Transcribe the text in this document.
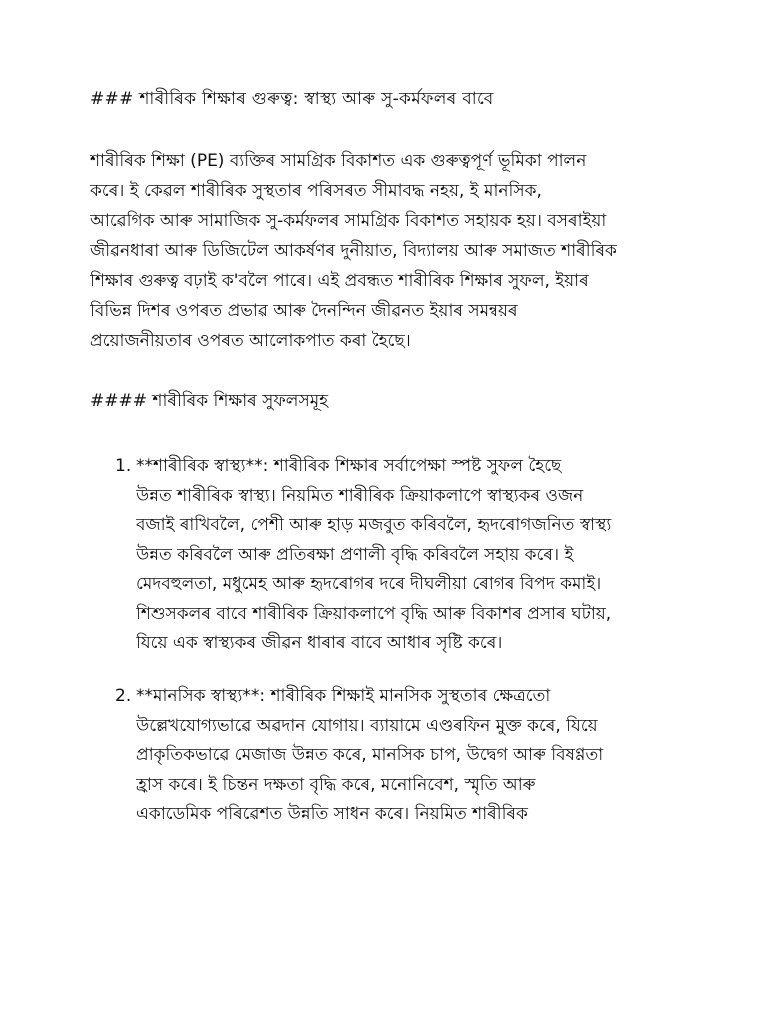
### শাৰীৰিক শিক্ষাৰ গুৰুত্ব: স্বাস্থ্য আৰু সু-কৰ্মফলৰ বাবে
শাৰীৰিক শিক্ষা (PE) ব্যক্তিৰ সামগ্ৰিক বিকাশত এক গুৰুত্বপূৰ্ণ ভূমিকা পালন
কৰে। ই কেৱল শাৰীৰিক সুস্থতাৰ পৰিসৰত সীমাবদ্ধ নহয়, ই মানসিক,
আৱেগিক আৰু সামাজিক সু-কৰ্মফলৰ সামগ্ৰিক বিকাশত সহায়ক হয়। বসৰাইয়া
জীৱনধাৰা আৰু ডিজিটেল আকৰ্ষণৰ দুনীয়াত, বিদ্যালয় আৰু সমাজত শাৰীৰিক
শিক্ষাৰ গুৰুত্ব বঢ়াই ক'বলৈ পাৰে। এই প্ৰবন্ধত শাৰীৰিক শিক্ষাৰ সুফল, ইয়াৰ
বিভিন্ন দিশৰ ওপৰত প্ৰভাৱ আৰু দৈনন্দিন জীৱনত ইয়াৰ সমন্বয়ৰ
প্ৰয়োজনীয়তাৰ ওপৰত আলোকপাত কৰা হৈছে।
#### শাৰীৰিক শিক্ষাৰ সুফলসমূহ
1. **শাৰীৰিক স্বাস্থ্য**: শাৰীৰিক শিক্ষাৰ সৰ্বাপেক্ষা স্পষ্ট সুফল হৈছে
উন্নত শাৰীৰিক স্বাস্থ্য। নিয়মিত শাৰীৰিক ক্ৰিয়াকলাপে স্বাস্থ্যকৰ ওজন
বজাই ৰাখিবলৈ, পেশী আৰু হাড় মজবুত কৰিবলৈ, হৃদৰোগজনিত স্বাস্থ্য
উন্নত কৰিবলৈ আৰু প্ৰতিৰক্ষা প্ৰণালী বৃদ্ধি কৰিবলৈ সহায় কৰে। ই
মেদবহুলতা, মধুমেহ আৰু হৃদৰোগৰ দৰে দীঘলীয়া ৰোগৰ বিপদ কমাই।
শিশুসকলৰ বাবে শাৰীৰিক ক্ৰিয়াকলাপে বৃদ্ধি আৰু বিকাশৰ প্ৰসাৰ ঘটায়,
যিয়ে এক স্বাস্থ্যকৰ জীৱন ধাৰাৰ বাবে আধাৰ সৃষ্টি কৰে।
2. **মানসিক স্বাস্থ্য**: শাৰীৰিক শিক্ষাই মানসিক সুস্থতাৰ ক্ষেত্ৰতো
উল্লেখযোগ্যভাৱে অৱদান যোগায়। ব্যায়ামে এণ্ডৰফিন মুক্ত কৰে, যিয়ে
প্ৰাকৃতিকভাৱে মেজাজ উন্নত কৰে, মানসিক চাপ, উদ্বেগ আৰু বিষণ্ণতা
হ্ৰাস কৰে। ই চিন্তন দক্ষতা বৃদ্ধি কৰে, মনোনিবেশ, স্মৃতি আৰু
একাডেমিক পৰিৱেশত উন্নতি সাধন কৰে। নিয়মিত শাৰীৰিক
